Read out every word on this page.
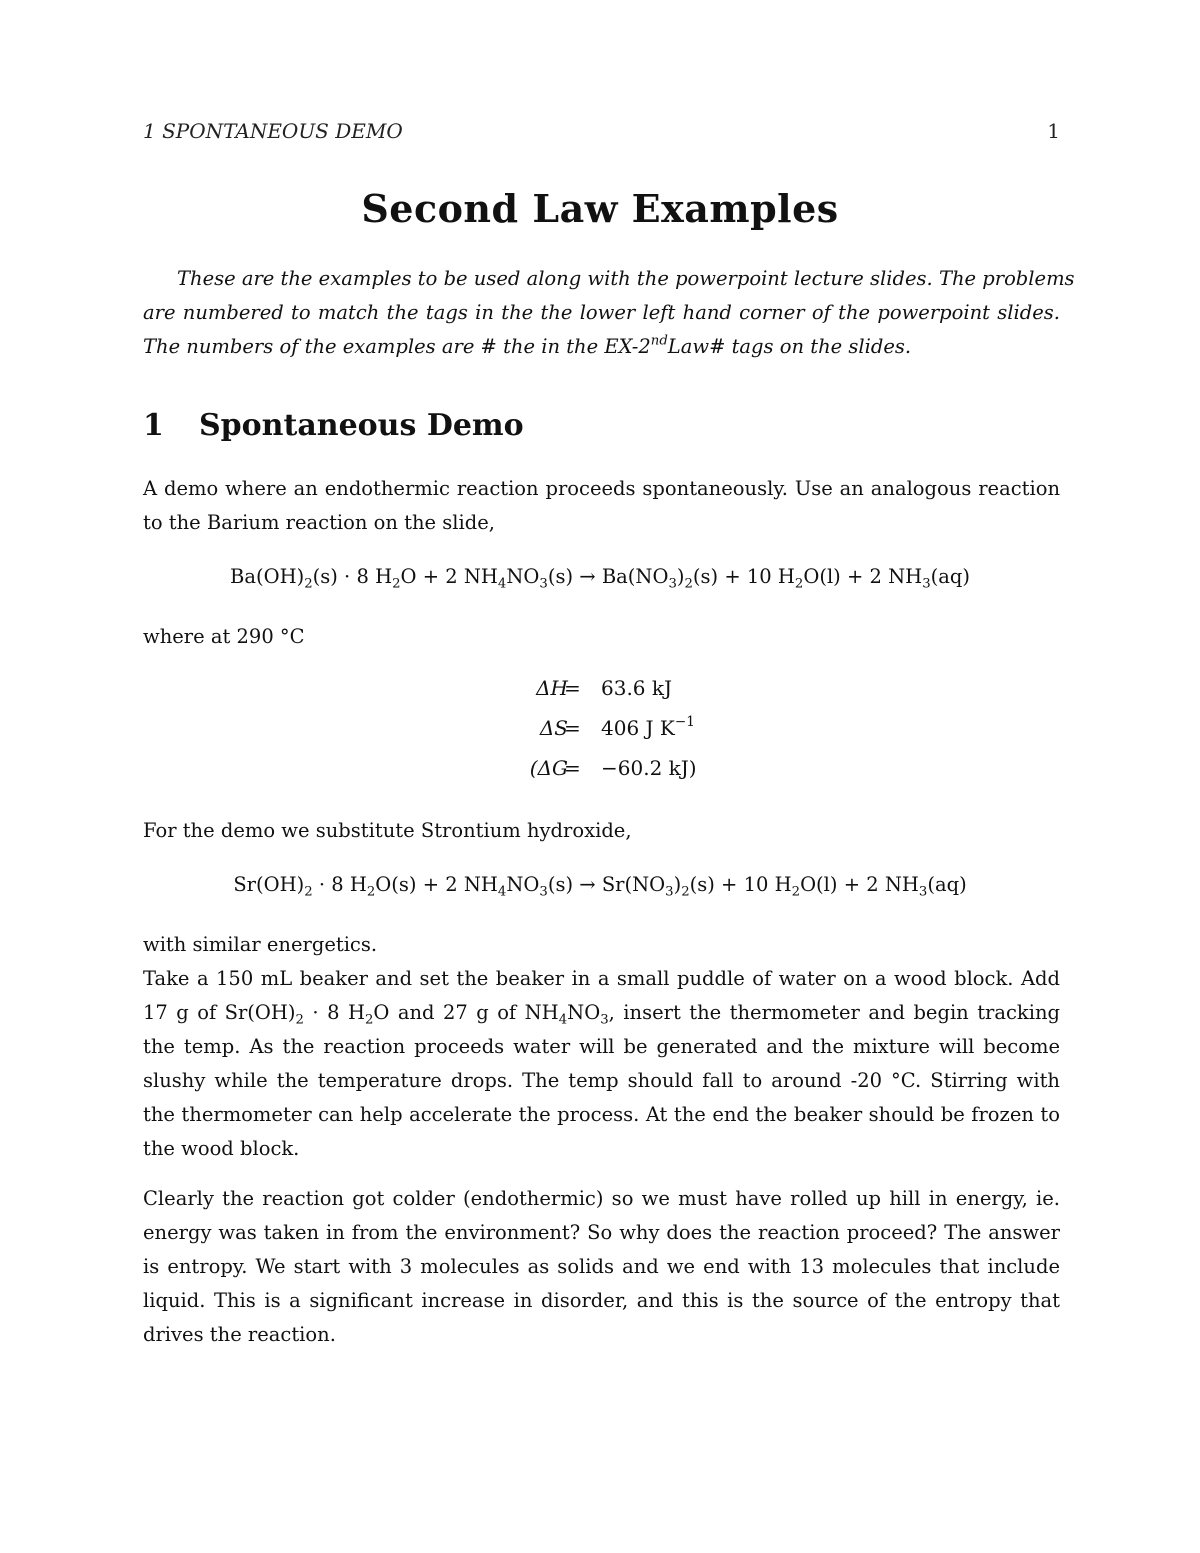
1 SPONTANEOUS DEMO	1
Second Law Examples
These are the examples to be used along with the powerpoint lecture slides. The problems
are numbered to match the tags in the the lower left hand corner of the powerpoint slides.
The numbers of the examples are # the in the EX-2ndLaw# tags on the slides.
1 Spontaneous Demo
A demo where an endothermic reaction proceeds spontaneously. Use an analogous reaction
to the Barium reaction on the slide,
$Ba(OH)_2(s) \cdot 8$ $H_2O + 2$ $NH_4NO_3(s) \to Ba(NO_3)_2(s) + 10$ $H_2O(l) + 2$ $NH_3(aq)$
where at 290 °C
ΔH
= 63.6 kJ
ΔS
= 406 J $K^{-1}$
(ΔG
= −60.2 kJ)
For the demo we substitute Strontium hydroxide,
$Sr(OH)_2 \cdot 8$ $H_2O(s) + 2$ $NH_4NO_3(s) \to Sr(NO_3)_2(s) + 10$ $H_2O(l) + 2$ $NH_3(aq)$
with similar energetics.
Take a 150 mL beaker and set the beaker in a small puddle of water on a wood block. Add
17 g of $Sr(OH)_2 \cdot 8$ $H_2O$ and 27 g of $NH_4NO_3$, insert the thermometer and begin tracking
the temp. As the reaction proceeds water will be generated and the mixture will become
slushy while the temperature drops. The temp should fall to around -20 °C. Stirring with
the thermometer can help accelerate the process. At the end the beaker should be frozen to
the wood block.
Clearly the reaction got colder (endothermic) so we must have rolled up hill in energy, ie.
energy was taken in from the environment? So why does the reaction proceed? The answer
is entropy. We start with 3 molecules as solids and we end with 13 molecules that include
liquid. This is a significant increase in disorder, and this is the source of the entropy that
drives the reaction.
